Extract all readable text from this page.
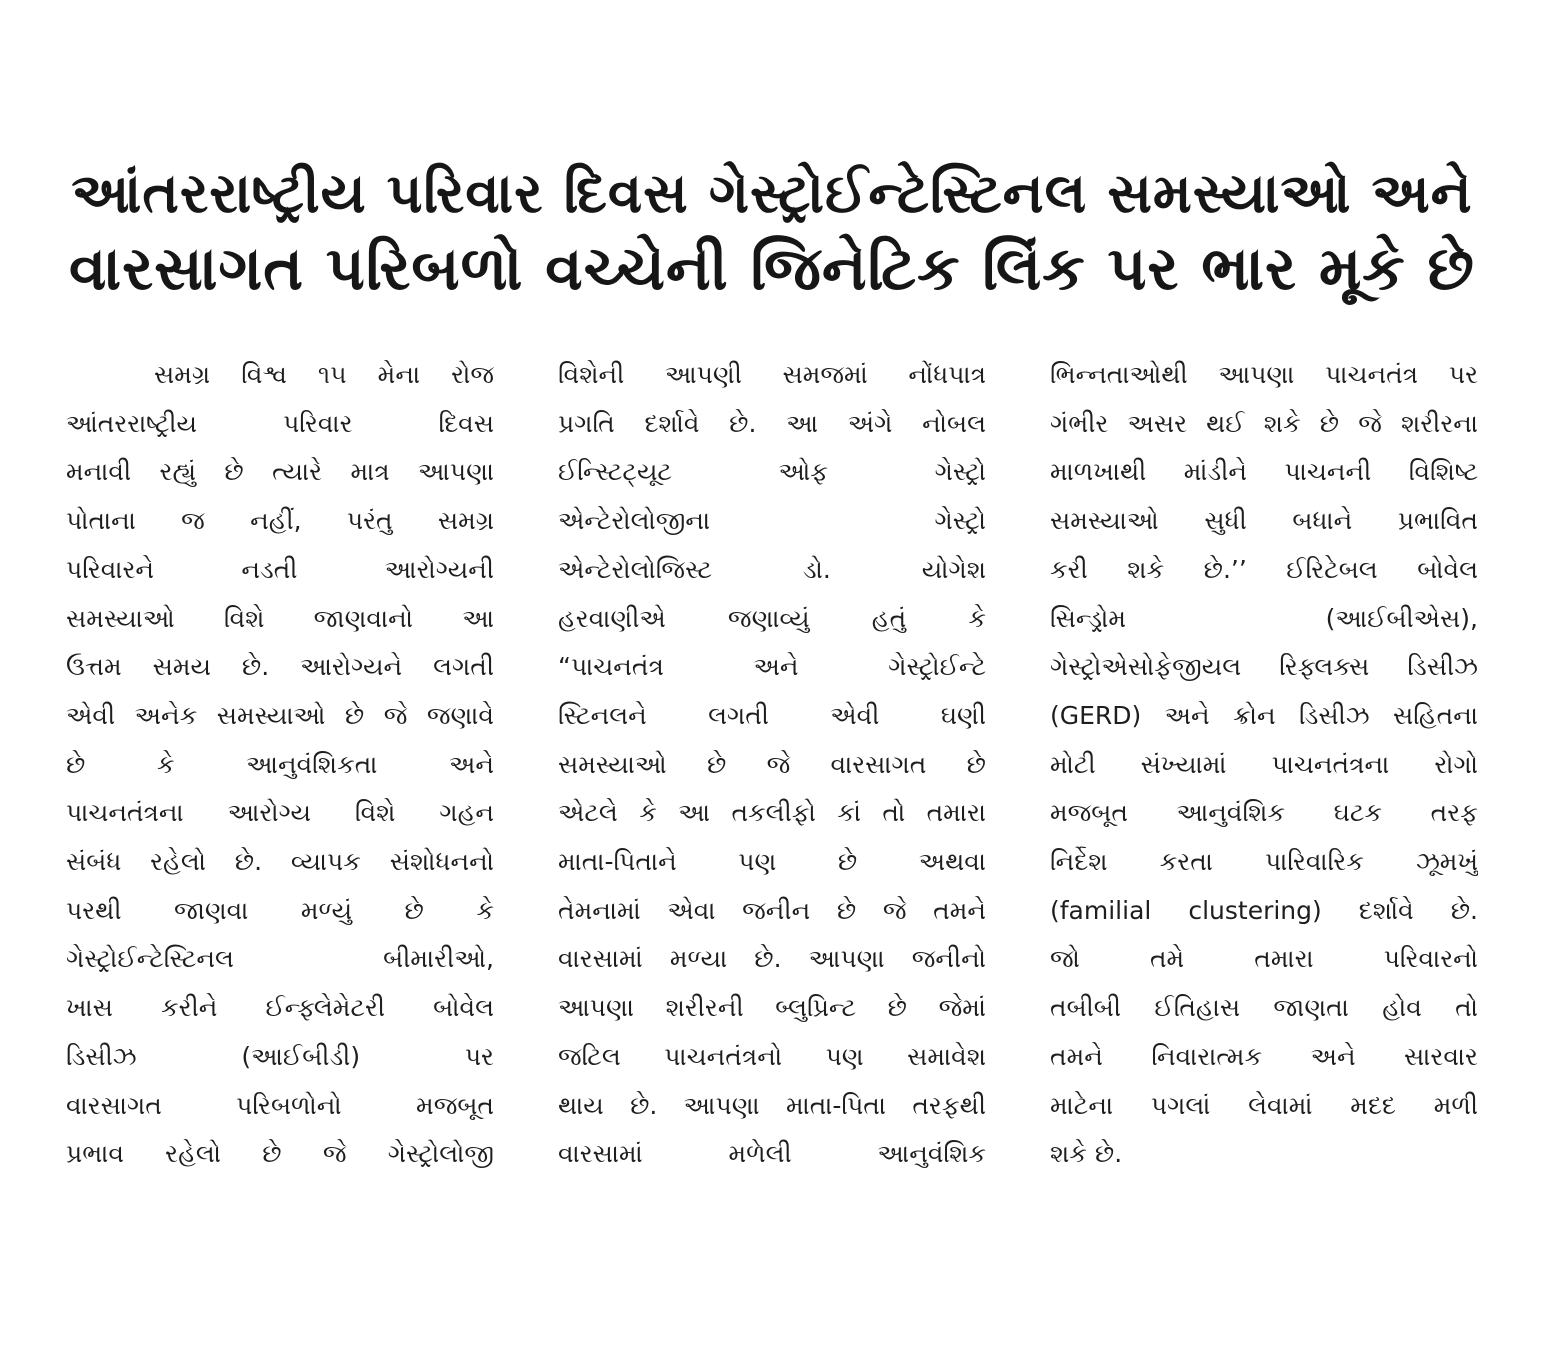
આંતરરાષ્ટ્રીય પરિવાર દિવસ ગેસ્ટ્રોઈન્ટેસ્ટિનલ સમસ્યાઓ અને
વારસાગત પરિબળો વચ્ચેની જિનેટિક લિંક પર ભાર મૂકે છે
સમગ્ર વિશ્વ ૧૫ મેના રોજ
આંતરરાષ્ટ્રીય પરિવાર દિવસ
મનાવી રહ્યું છે ત્યારે માત્ર આપણા
પોતાના જ નહીં, પરંતુ સમગ્ર
પરિવારને નડતી આરોગ્યની
સમસ્યાઓ વિશે જાણવાનો આ
ઉત્તમ સમય છે. આરોગ્યને લગતી
એવી અનેક સમસ્યાઓ છે જે જણાવે
છે કે આનુવંશિકતા અને
પાચનતંત્રના આરોગ્ય વિશે ગહન
સંબંધ રહેલો છે. વ્યાપક સંશોધનનો
પરથી જાણવા મળ્યું છે કે
ગેસ્ટ્રોઈન્ટેસ્ટિનલ બીમારીઓ,
ખાસ કરીને ઈન્ફ્લેમેટરી બોવેલ
ડિસીઝ (આઈબીડી) પર
વારસાગત પરિબળોનો મજબૂત
પ્રભાવ રહેલો છે જે ગેસ્ટ્રોલોજી
વિશેની આપણી સમજમાં નોંધપાત્ર
પ્રગતિ દર્શાવે છે. આ અંગે નોબલ
ઈન્સ્ટિટ્યૂટ ઓફ ગેસ્ટ્રો
એન્ટેરોલોજીના ગેસ્ટ્રો
એન્ટેરોલોજિસ્ટ ડો. યોગેશ
હરવાણીએ જણાવ્યું હતું કે
“પાચનતંત્ર અને ગેસ્ટ્રોઈન્ટે
સ્ટિનલને લગતી એવી ઘણી
સમસ્યાઓ છે જે વારસાગત છે
એટલે કે આ તકલીફો કાં તો તમારા
માતા-પિતાને પણ છે અથવા
તેમનામાં એવા જનીન છે જે તમને
વારસામાં મળ્યા છે. આપણા જનીનો
આપણા શરીરની બ્લુપ્રિન્ટ છે જેમાં
જટિલ પાચનતંત્રનો પણ સમાવેશ
થાય છે. આપણા માતા-પિતા તરફથી
વારસામાં મળેલી આનુવંશિક
ભિન્નતાઓથી આપણા પાચનતંત્ર પર
ગંભીર અસર થઈ શકે છે જે શરીરના
માળખાથી માંડીને પાચનની વિશિષ્ટ
સમસ્યાઓ સુધી બધાને પ્રભાવિત
કરી શકે છે.’’ ઈરિટેબલ બોવેલ
સિન્ડ્રોમ (આઈબીએસ),
ગેસ્ટ્રોએસોફેજીયલ રિફ્લક્સ ડિસીઝ
(GERD) અને ક્રોન ડિસીઝ સહિતના
મોટી સંખ્યામાં પાચનતંત્રના રોગો
મજબૂત આનુવંશિક ઘટક તરફ
નિર્દેશ કરતા પારિવારિક ઝૂમખું
(familial clustering) દર્શાવે છે.
જો તમે તમારા પરિવારનો
તબીબી ઈતિહાસ જાણતા હોવ તો
તમને નિવારાત્મક અને સારવાર
માટેના પગલાં લેવામાં મદદ મળી
શકે છે.
